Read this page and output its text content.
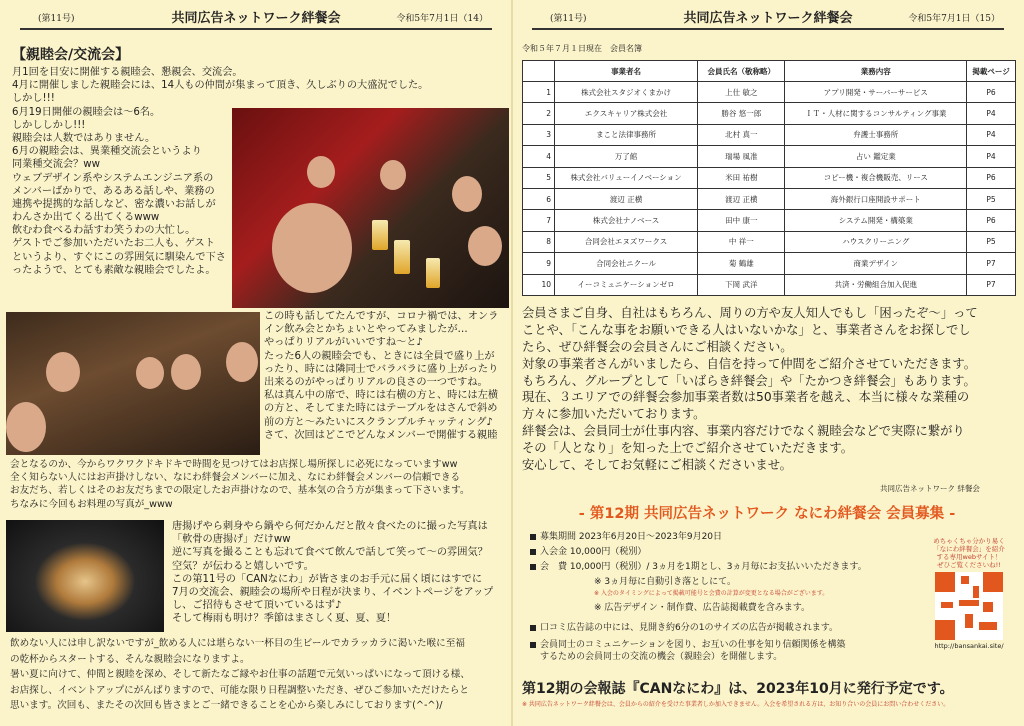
(第11号)	共同広告ネットワーク絆餐会	令和5年7月1日（14）
【親睦会/交流会】
月1回を目安に開催する親睦会、懇親会、交流会。
4月に開催しました親睦会には、14人もの仲間が集まって頂き、久しぶりの大盛況でした。
しかし!!!
6月19日開催の親睦会は～6名。
しかししかし!!!
親睦会は人数ではありません。
6月の親睦会は、異業種交流会というより
同業種交流会？ww
ウェブデザイン系やシステムエンジニア系の
メンバーばかりで、あるある話しや、業務の
連携や提携的な話しなど、密な濃いお話しが
わんさか出てくる出てくるwww
飲むわ食べるわ話すわ笑うわの大忙し。
ゲストでご参加いただいたお二人も、ゲスト
というより、すぐにこの雰囲気に馴染んで下さ
ったようで、とても素敵な親睦会でしたよ。
この時も話してたんですが、コロナ禍では、オンラ
イン飲み会とかちょいとやってみましたが…
やっぱりリアルがいいですね～と♪
たった6人の親睦会でも、ときには全員で盛り上が
ったり、時には隣同士でバラバラに盛り上がったり
出来るのがやっぱりリアルの良さの一つですね。
私は真ん中の席で、時には右横の方と、時には左横
の方と、そしてまた時にはテーブルをはさんで斜め
前の方と～みたいにスクランブルチャッティング♪
さて、次回はどこでどんなメンバーで開催する親睦
会となるのか、今からワクワクドキドキで時間を見つけてはお店探し場所探しに必死になっていますww
全く知らない人にはお声掛けしない、なにわ絆餐会メンバーに加え、なにわ絆餐会メンバーの信頼できる
お友だち、若しくはそのお友だちまでの限定したお声掛けなので、基本気の合う方が集まって下さいます。
ちなみに今回もお料理の写真が_www
唐揚げやら刺身やら鍋やら何だかんだと散々食べたのに撮った写真は
「軟骨の唐揚げ」だけww
逆に写真を撮ることも忘れて食べて飲んで話して笑って～の雰囲気？
空気？が伝わると嬉しいです。
この第11号の「CANなにわ」が皆さまのお手元に届く頃にはすでに
7月の交流会、親睦会の場所や日程が決まり、イベントページをアップ
し、ご招待もさせて頂いているはず♪
そして梅雨も明け？季節はまさしく夏、夏、夏！
飲めない人には申し訳ないですが_飲める人には堪らない一杯目の生ビールでカラッカラに渇いた喉に至福
の乾杯からスタートする、そんな親睦会になりますよ。
暑い夏に向けて、仲間と親睦を深め、そして新たなご縁やお仕事の話題で元気いっぱいになって頂ける様、
お店探し、イベントアップにがんばりますので、可能な限り日程調整いただき、ぜひご参加いただけたらと
思います。次回も、またその次回も皆さまとご一緒できることを心から楽しみにしております(^-^)/
(第11号)	共同広告ネットワーク絆餐会	令和5年7月1日（15）
令和５年７月１日現在　会員名簿
	事業者名	会員氏名（敬称略）	業務内容	掲載ページ
1	株式会社スタジオくまかけ	上仕 敏之	アプリ開発・サーバーサービス	P6
2	エクスキャリア株式会社	勝谷 悠一郎	ＩＴ・人材に関するコンサルティング事業	P4
3	まこと法律事務所	北村 真一	弁護士事務所	P4
4	万了館	瑞場 風准	占い 鑑定業	P4
5	株式会社バリューイノベーション	米田 祐樹	コピー機・複合機販売、リース	P6
6	渡辺 正横	渡辺 正横	海外銀行口座開設サポート	P5
7	株式会社ナノベース	田中 康一	システム開発・構築業	P6
8	合同会社エヌズワークス	中 祥一	ハウスクリーニング	P5
9	合同会社ニクール	菊 鶴雄	商業デザイン	P7
10	イーコミュニケーションゼロ	下岡 武洋	共済・労働組合加入促進	P7
会員さまご自身、自社はもちろん、周りの方や友人知人でもし「困ったぞ～」って
ことや、「こんな事をお願いできる人はいないかな」と、事業者さんをお探しでし
たら、ぜひ絆餐会の会員さんにご相談ください。
対象の事業者さんがいましたら、自信を持って仲間をご紹介させていただきます。
もちろん、グループとして「いばらき絆餐会」や「たかつき絆餐会」もあります。
現在、３エリアでの絆餐会参加事業者数は50事業者を越え、本当に様々な業種の
方々に参加いただいております。
絆餐会は、会員同士が仕事内容、事業内容だけでなく親睦会などで実際に繋がり
その「人となり」を知った上でご紹介させていただきます。
安心して、そしてお気軽にご相談くださいませ。
共同広告ネットワーク 絆餐会
- 第12期 共同広告ネットワーク なにわ絆餐会 会員募集 -
募集期間 2023年6月20日～2023年9月20日
入会金 10,000円（税別）
会　費 10,000円（税別）/ 3ヵ月を1期とし、3ヵ月毎にお支払いいただきます。
※ 3ヵ月毎に自動引き落としにて。
※ 入会のタイミングによって掲載可能号と会費の計算が変更となる場合がございます。
※ 広告デザイン・制作費、広告誌掲載費を含みます。
口コミ広告誌の中には、見開き約6分の1のサイズの広告が掲載されます。
会員同士のコミュニケーションを図り、お互いの仕事を知り信頼関係を構築
するための会員同士の交流の機会（親睦会）を開催します。
めちゃくちゃ分かり易く
「なにわ絆餐会」を紹介
する専用webサイト！
ぜひご覧くださいね!!
http://bansankai.site/
第12期の会報誌『CANなにわ』は、2023年10月に発行予定です。
※ 共同広告ネットワーク絆餐会は、会員からの紹介を受けた事業者しか加入できません。入会を希望される方は、お知り合いの会員にお問い合わせください。
